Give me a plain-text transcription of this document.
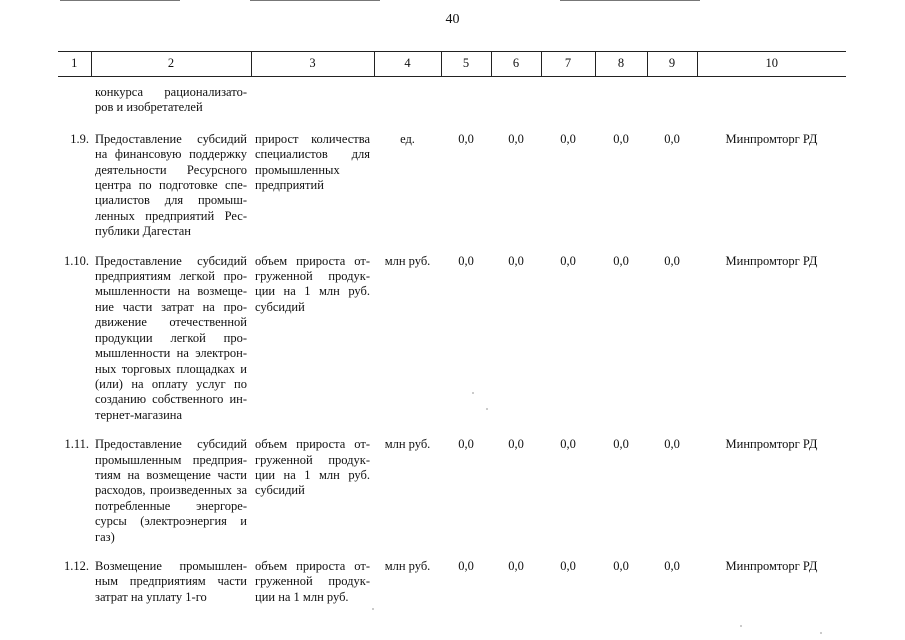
40
1	2	3	4	5	6	7	8	9	10
	конкурса рационализато-ров и изобретателей								
1.9.	Предоставление субсидий на финансовую поддержку деятельности Ресурсного центра по подготовке спе-циалистов для промыш-ленных предприятий Рес-публики Дагестан	прирост количества специалистов для промышленных предприятий	ед.	0,0	0,0	0,0	0,0	0,0	Минпромторг РД
1.10.	Предоставление субсидий предприятиям легкой про-мышленности на возмеще-ние части затрат на про-движение отечественной продукции легкой про-мышленности на электрон-ных торговых площадках и (или) на оплату услуг по созданию собственного ин-тернет-магазина	объем прироста от-груженной продук-ции на 1 млн руб. субсидий	млн руб.	0,0	0,0	0,0	0,0	0,0	Минпромторг РД
1.11.	Предоставление субсидий промышленным предприя-тиям на возмещение части расходов, произведенных за потребленные энергоре-сурсы (электроэнергия и газ)	объем прироста от-груженной продук-ции на 1 млн руб. субсидий	млн руб.	0,0	0,0	0,0	0,0	0,0	Минпромторг РД
1.12.	Возмещение промышлен-ным предприятиям части затрат на уплату 1-го	объем прироста от-груженной продук-ции на 1 млн руб.	млн руб.	0,0	0,0	0,0	0,0	0,0	Минпромторг РД
